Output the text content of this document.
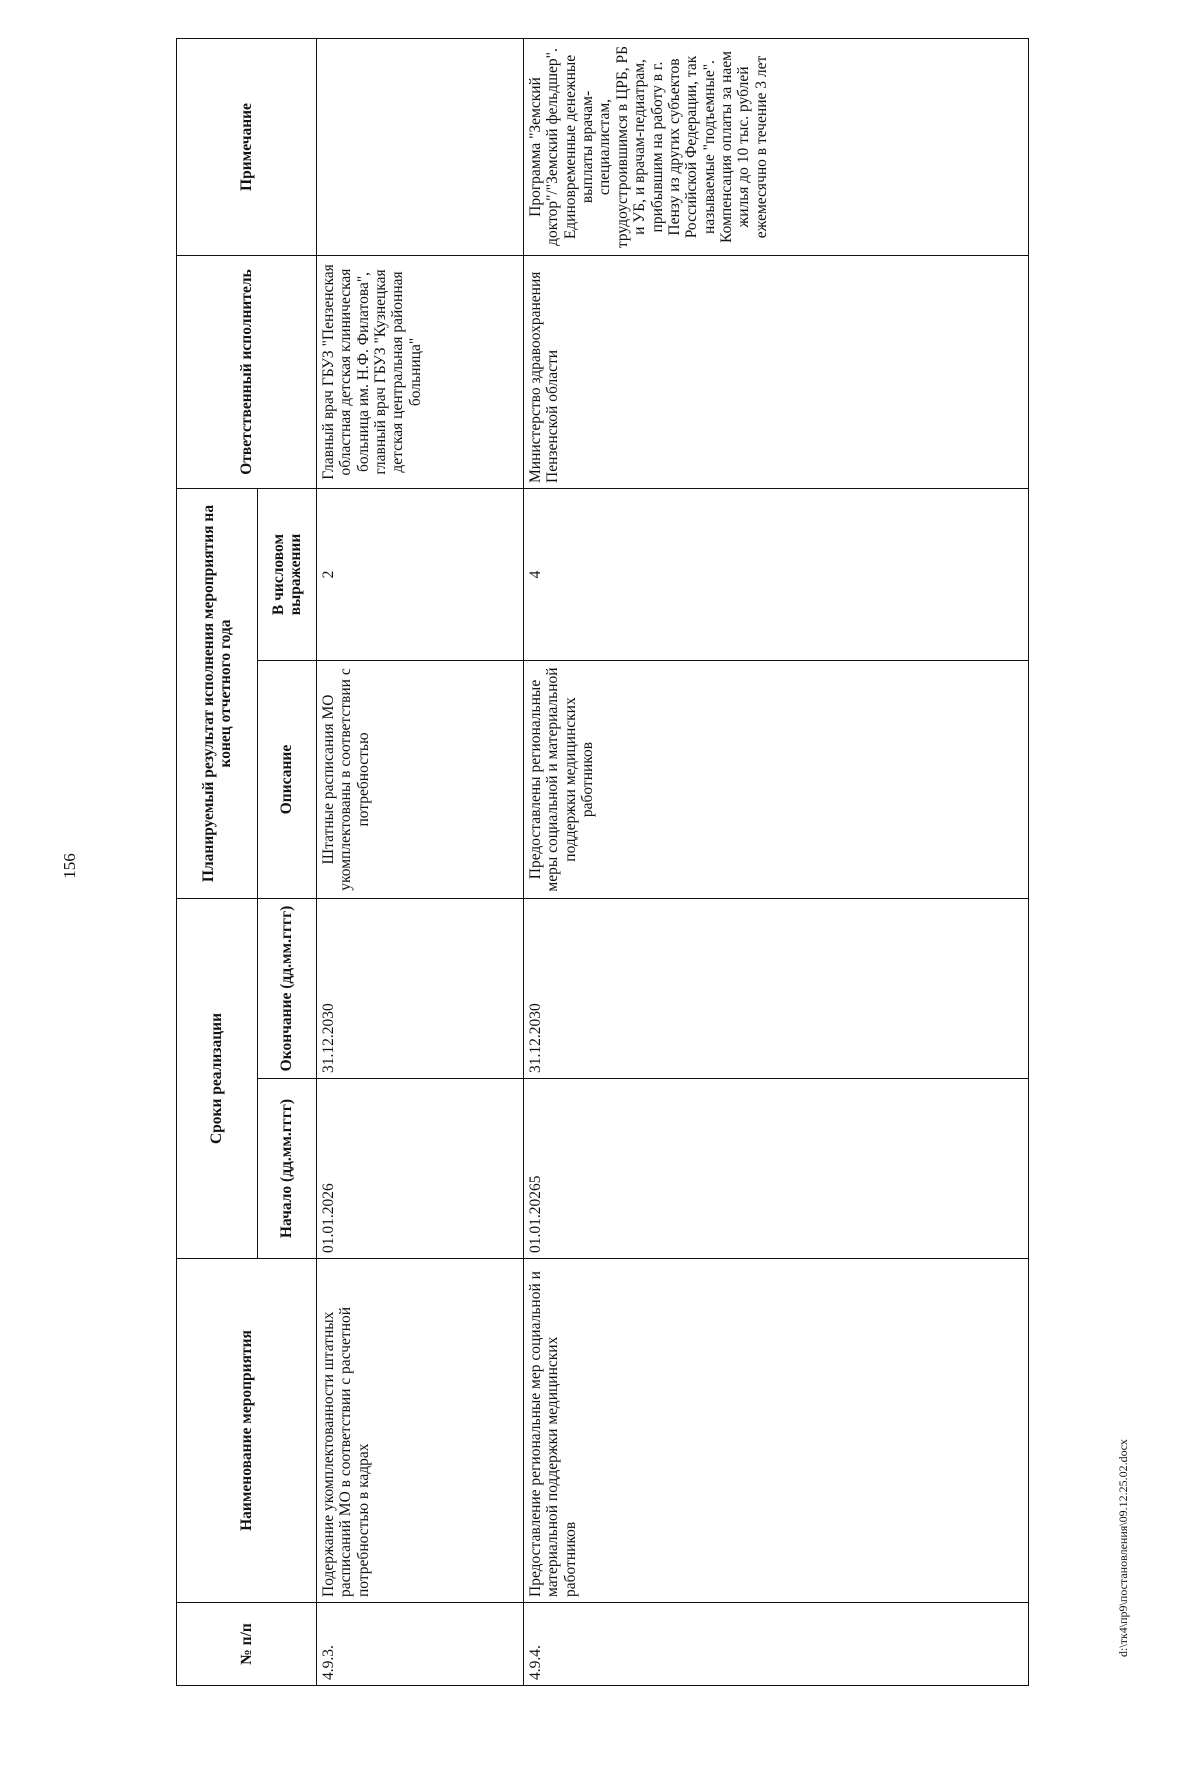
156
№ п/п	Наименование мероприятия	Сроки реализации		Планируемый результат исполнения мероприятия на конец отчетного года		Ответственный исполнитель	Примечание
		Начало (дд.мм.гггг)	Окончание (дд.мм.гггг)	Описание	В числовом выражении		
4.9.3.	Подержание укомплектованности штатных расписаний МО в соответствии с расчетной потребностью в кадрах	01.01.2026	31.12.2030	Штатные расписания МО укомплектованы в соответствии с потребностью	2	Главный врач ГБУЗ "Пензенская областная детская клиническая больница им. Н.Ф. Филатова", главный врач ГБУЗ "Кузнецкая детская центральная районная больница"	
4.9.4.	Предоставление региональные мер социальной и материальной поддержки медицинских работников	01.01.20265	31.12.2030	Предоставлены региональные меры социальной и материальной поддержки медицинских работников	4	Министерство здравоохранения Пензенской области	Программа "Земский доктор"/"Земский фельдшер". Единовременные денежные выплаты врачам-специалистам, трудоустроившимся в ЦРБ, РБ и УБ, и врачам-педиатрам, прибывшим на работу в г. Пензу из других субъектов Российской Федерации, так называемые "подъемные". Компенсация оплаты за наем жилья до 10 тыс. рублей ежемесячно в течение 3 лет
d:\тк4\пр9\постановления\09.12.25.02.docx
